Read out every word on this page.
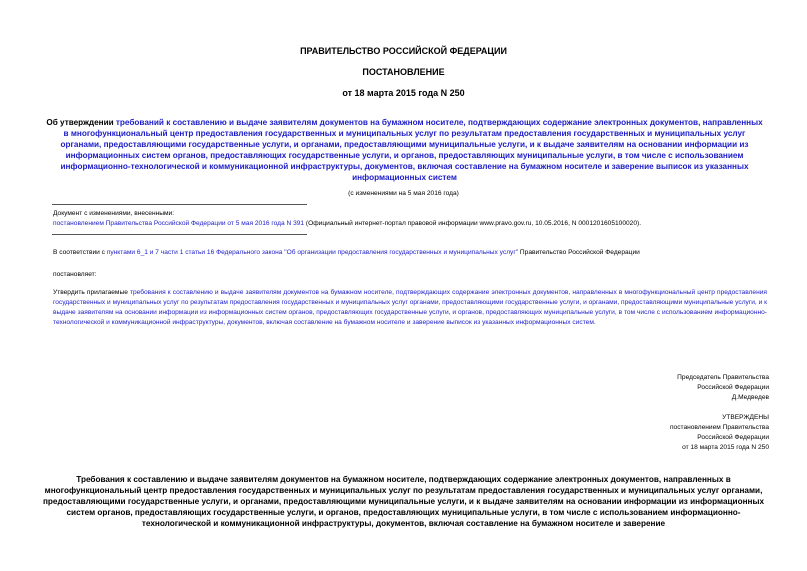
ПРАВИТЕЛЬСТВО РОССИЙСКОЙ ФЕДЕРАЦИИ
ПОСТАНОВЛЕНИЕ
от 18 марта 2015 года N 250
Об утверждении требований к составлению и выдаче заявителям документов на бумажном носителе, подтверждающих содержание электронных документов, направленных в многофункциональный центр предоставления государственных и муниципальных услуг по результатам предоставления государственных и муниципальных услуг органами, предоставляющими государственные услуги, и органами, предоставляющими муниципальные услуги, и к выдаче заявителям на основании информации из информационных систем органов, предоставляющих государственные услуги, и органов, предоставляющих муниципальные услуги, в том числе с использованием информационно-технологической и коммуникационной инфраструктуры, документов, включая составление на бумажном носителе и заверение выписок из указанных информационных систем
(с изменениями на 5 мая 2016 года)
Документ с изменениями, внесенными:
постановлением Правительства Российской Федерации от 5 мая 2016 года N 391 (Официальный интернет-портал правовой информации www.pravo.gov.ru, 10.05.2016, N 0001201605100020).
В соответствии с пунктами 6_1 и 7 части 1 статьи 16 Федерального закона "Об организации предоставления государственных и муниципальных услуг" Правительство Российской Федерации
постановляет:
Утвердить прилагаемые требования к составлению и выдаче заявителям документов на бумажном носителе, подтверждающих содержание электронных документов, направленных в многофункциональный центр предоставления государственных и муниципальных услуг по результатам предоставления государственных и муниципальных услуг органами, предоставляющими государственные услуги, и органами, предоставляющими муниципальные услуги, и к выдаче заявителям на основании информации из информационных систем органов, предоставляющих государственные услуги, и органов, предоставляющих муниципальные услуги, в том числе с использованием информационно-технологической и коммуникационной инфраструктуры, документов, включая составление на бумажном носителе и заверение выписок из указанных информационных систем.
Председатель Правительства
Российской Федерации
Д.Медведев
УТВЕРЖДЕНЫ
постановлением Правительства
Российской Федерации
от 18 марта 2015 года N 250
Требования к составлению и выдаче заявителям документов на бумажном носителе, подтверждающих содержание электронных документов, направленных в многофункциональный центр предоставления государственных и муниципальных услуг по результатам предоставления государственных и муниципальных услуг органами, предоставляющими государственные услуги, и органами, предоставляющими муниципальные услуги, и к выдаче заявителям на основании информации из информационных систем органов, предоставляющих государственные услуги, и органов, предоставляющих муниципальные услуги, в том числе с использованием информационно-технологической и коммуникационной инфраструктуры, документов, включая составление на бумажном носителе и заверение
